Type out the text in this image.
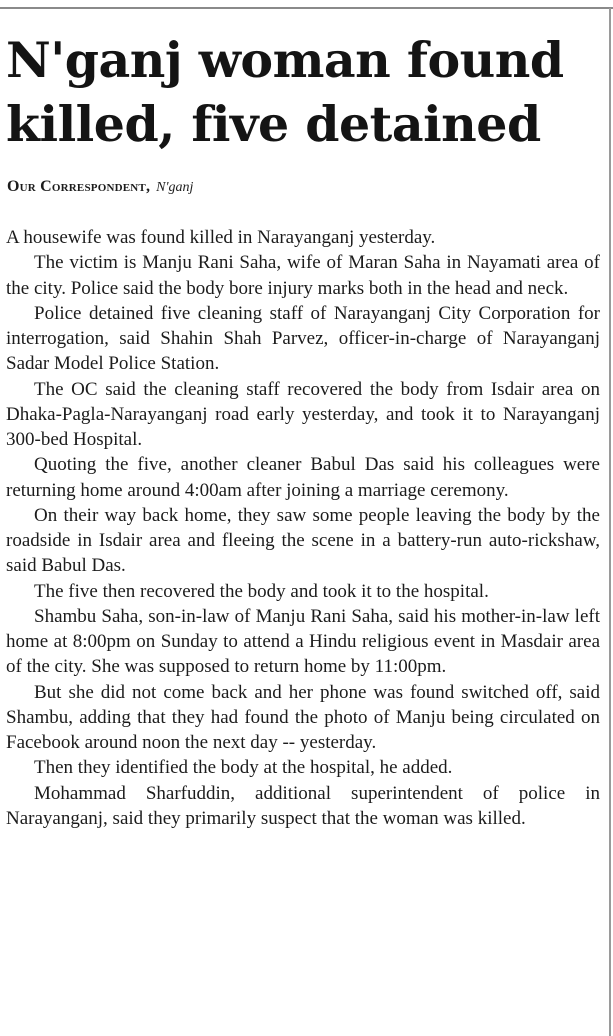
N'ganj woman found
killed, five detained
Our Correspondent, N'ganj

A housewife was found killed in Narayanganj yesterday.

The victim is Manju Rani Saha, wife of Maran Saha in Nayamati area of the city. Police said the body bore injury marks both in the head and neck.

Police detained five cleaning staff of Narayanganj City Corporation for interrogation, said Shahin Shah Parvez, officer-in-charge of Narayanganj Sadar Model Police Station.

The OC said the cleaning staff recovered the body from Isdair area on Dhaka-Pagla-Narayanganj road early yesterday, and took it to Narayanganj 300-bed Hospital.

Quoting the five, another cleaner Babul Das said his colleagues were returning home around 4:00am after joining a marriage ceremony.

On their way back home, they saw some people leaving the body by the roadside in Isdair area and fleeing the scene in a battery-run auto-rickshaw, said Babul Das.

The five then recovered the body and took it to the hospital.

Shambu Saha, son-in-law of Manju Rani Saha, said his mother-in-law left home at 8:00pm on Sunday to attend a Hindu religious event in Masdair area of the city. She was supposed to return home by 11:00pm.

But she did not come back and her phone was found switched off, said Shambu, adding that they had found the photo of Manju being circulated on Facebook around noon the next day -- yesterday.

Then they identified the body at the hospital, he added.

Mohammad Sharfuddin, additional superintendent of police in Narayanganj, said they primarily suspect that the woman was killed.
